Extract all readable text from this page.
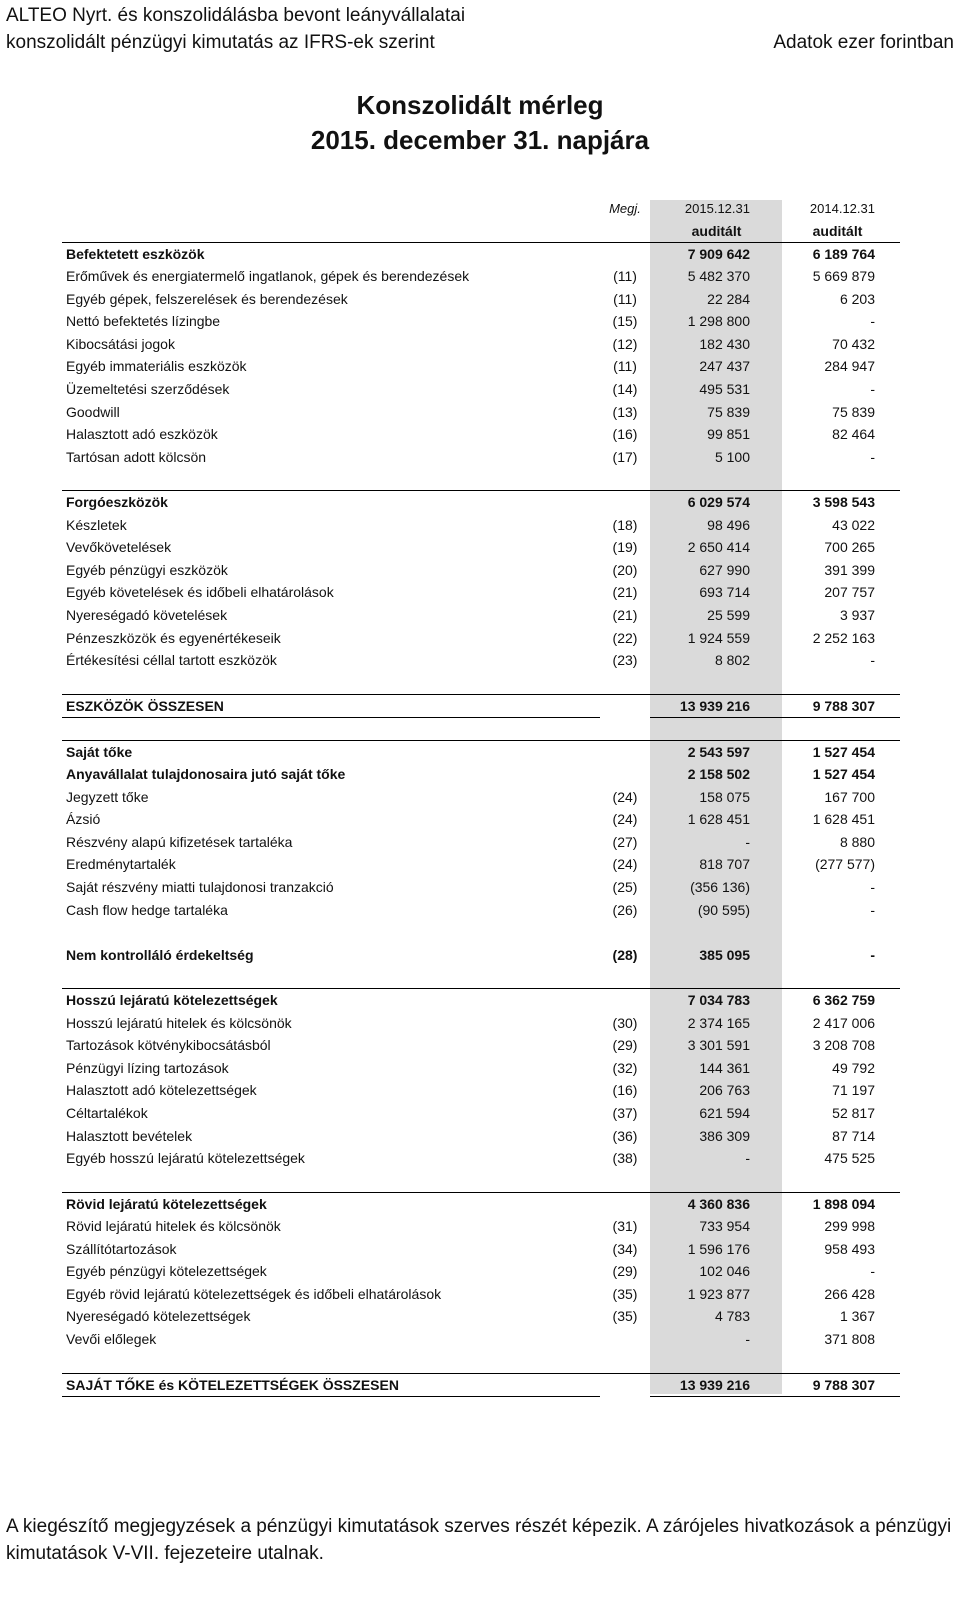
ALTEO Nyrt. és konszolidálásba bevont leányvállalatai
konszolidált pénzügyi kimutatás az IFRS-ek szerint	Adatok ezer forintban
Konszolidált mérleg
2015. december 31. napjára
	Megj.	2015.12.31	2014.12.31
		auditált	auditált
Befektetett eszközök		7 909 642	6 189 764
Erőművek és energiatermelő ingatlanok, gépek és berendezések	(11)	5 482 370	5 669 879
Egyéb gépek, felszerelések és berendezések	(11)	22 284	6 203
Nettó befektetés lízingbe	(15)	1 298 800	-
Kibocsátási jogok	(12)	182 430	70 432
Egyéb immateriális eszközök	(11)	247 437	284 947
Üzemeltetési szerződések	(14)	495 531	-
Goodwill	(13)	75 839	75 839
Halasztott adó eszközök	(16)	99 851	82 464
Tartósan adott kölcsön	(17)	5 100	-

Forgóeszközök		6 029 574	3 598 543
Készletek	(18)	98 496	43 022
Vevőkövetelések	(19)	2 650 414	700 265
Egyéb pénzügyi eszközök	(20)	627 990	391 399
Egyéb követelések és időbeli elhatárolások	(21)	693 714	207 757
Nyereségadó követelések	(21)	25 599	3 937
Pénzeszközök és egyenértékeseik	(22)	1 924 559	2 252 163
Értékesítési céllal tartott eszközök	(23)	8 802	-

ESZKÖZÖK ÖSSZESEN		13 939 216	9 788 307

Saját tőke		2 543 597	1 527 454
Anyavállalat tulajdonosaira jutó saját tőke		2 158 502	1 527 454
Jegyzett tőke	(24)	158 075	167 700
Ázsió	(24)	1 628 451	1 628 451
Részvény alapú kifizetések tartaléka	(27)	-	8 880
Eredménytartalék	(24)	818 707	(277 577)
Saját részvény miatti tulajdonosi tranzakció	(25)	(356 136)	-
Cash flow hedge tartaléka	(26)	(90 595)	-

Nem kontrolláló érdekeltség	(28)	385 095	-

Hosszú lejáratú kötelezettségek		7 034 783	6 362 759
Hosszú lejáratú hitelek és kölcsönök	(30)	2 374 165	2 417 006
Tartozások kötvénykibocsátásból	(29)	3 301 591	3 208 708
Pénzügyi lízing tartozások	(32)	144 361	49 792
Halasztott adó kötelezettségek	(16)	206 763	71 197
Céltartalékok	(37)	621 594	52 817
Halasztott bevételek	(36)	386 309	87 714
Egyéb hosszú lejáratú kötelezettségek	(38)	-	475 525

Rövid lejáratú kötelezettségek		4 360 836	1 898 094
Rövid lejáratú hitelek és kölcsönök	(31)	733 954	299 998
Szállítótartozások	(34)	1 596 176	958 493
Egyéb pénzügyi kötelezettségek	(29)	102 046	-
Egyéb rövid lejáratú kötelezettségek és időbeli elhatárolások	(35)	1 923 877	266 428
Nyereségadó kötelezettségek	(35)	4 783	1 367
Vevői előlegek		-	371 808

SAJÁT TŐKE és KÖTELEZETTSÉGEK ÖSSZESEN		13 939 216	9 788 307
A kiegészítő megjegyzések a pénzügyi kimutatások szerves részét képezik. A zárójeles hivatkozások a pénzügyi kimutatások V-VII. fejezeteire utalnak.
